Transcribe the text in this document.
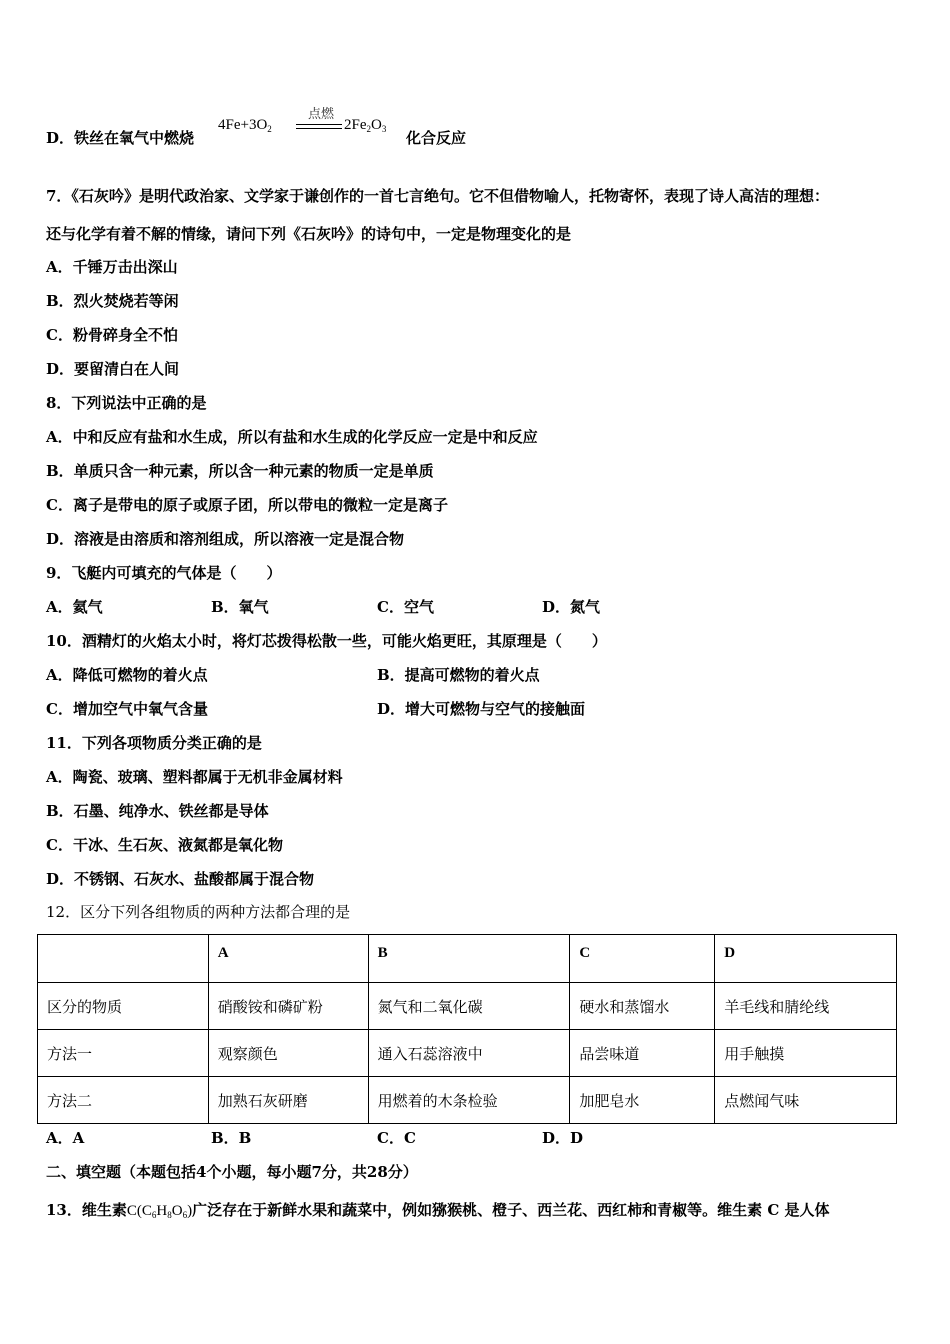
D．铁丝在氧气中燃烧
$4Fe+3O_2$
点燃
$2Fe_2O_3$ 化合反应
7．《石灰吟》是明代政治家、文学家于谦创作的一首七言绝句。它不但借物喻人，托物寄怀，表现了诗人高洁的理想：
还与化学有着不解的情缘，请问下列《石灰吟》的诗句中，一定是物理变化的是
A．千锤万击出深山
B．烈火焚烧若等闲
C．粉骨碎身全不怕
D．要留清白在人间
8．下列说法中正确的是
A．中和反应有盐和水生成，所以有盐和水生成的化学反应一定是中和反应
B．单质只含一种元素，所以含一种元素的物质一定是单质
C．离子是带电的原子或原子团，所以带电的微粒一定是离子
D．溶液是由溶质和溶剂组成，所以溶液一定是混合物
9．飞艇内可填充的气体是（　　）
A．氦气	B．氧气	C．空气	D．氮气
10．酒精灯的火焰太小时，将灯芯拨得松散一些，可能火焰更旺，其原理是（　　）
A．降低可燃物的着火点	B．提高可燃物的着火点
C．增加空气中氧气含量	D．增大可燃物与空气的接触面
11．下列各项物质分类正确的是
A．陶瓷、玻璃、塑料都属于无机非金属材料
B．石墨、纯净水、铁丝都是导体
C．干冰、生石灰、液氮都是氧化物
D．不锈钢、石灰水、盐酸都属于混合物
12．区分下列各组物质的两种方法都合理的是
	A	B	C	D
区分的物质	硝酸铵和磷矿粉	氮气和二氧化碳	硬水和蒸馏水	羊毛线和腈纶线
方法一	观察颜色	通入石蕊溶液中	品尝味道	用手触摸
方法二	加熟石灰研磨	用燃着的木条检验	加肥皂水	点燃闻气味
A．A	B．B	C．C	D．D
二、填空题（本题包括4个小题，每小题7分，共28分）
13．维生素$C(C_6H_8O_6)$广泛存在于新鲜水果和蔬菜中，例如猕猴桃、橙子、西兰花、西红柿和青椒等。维生素 C 是人体
